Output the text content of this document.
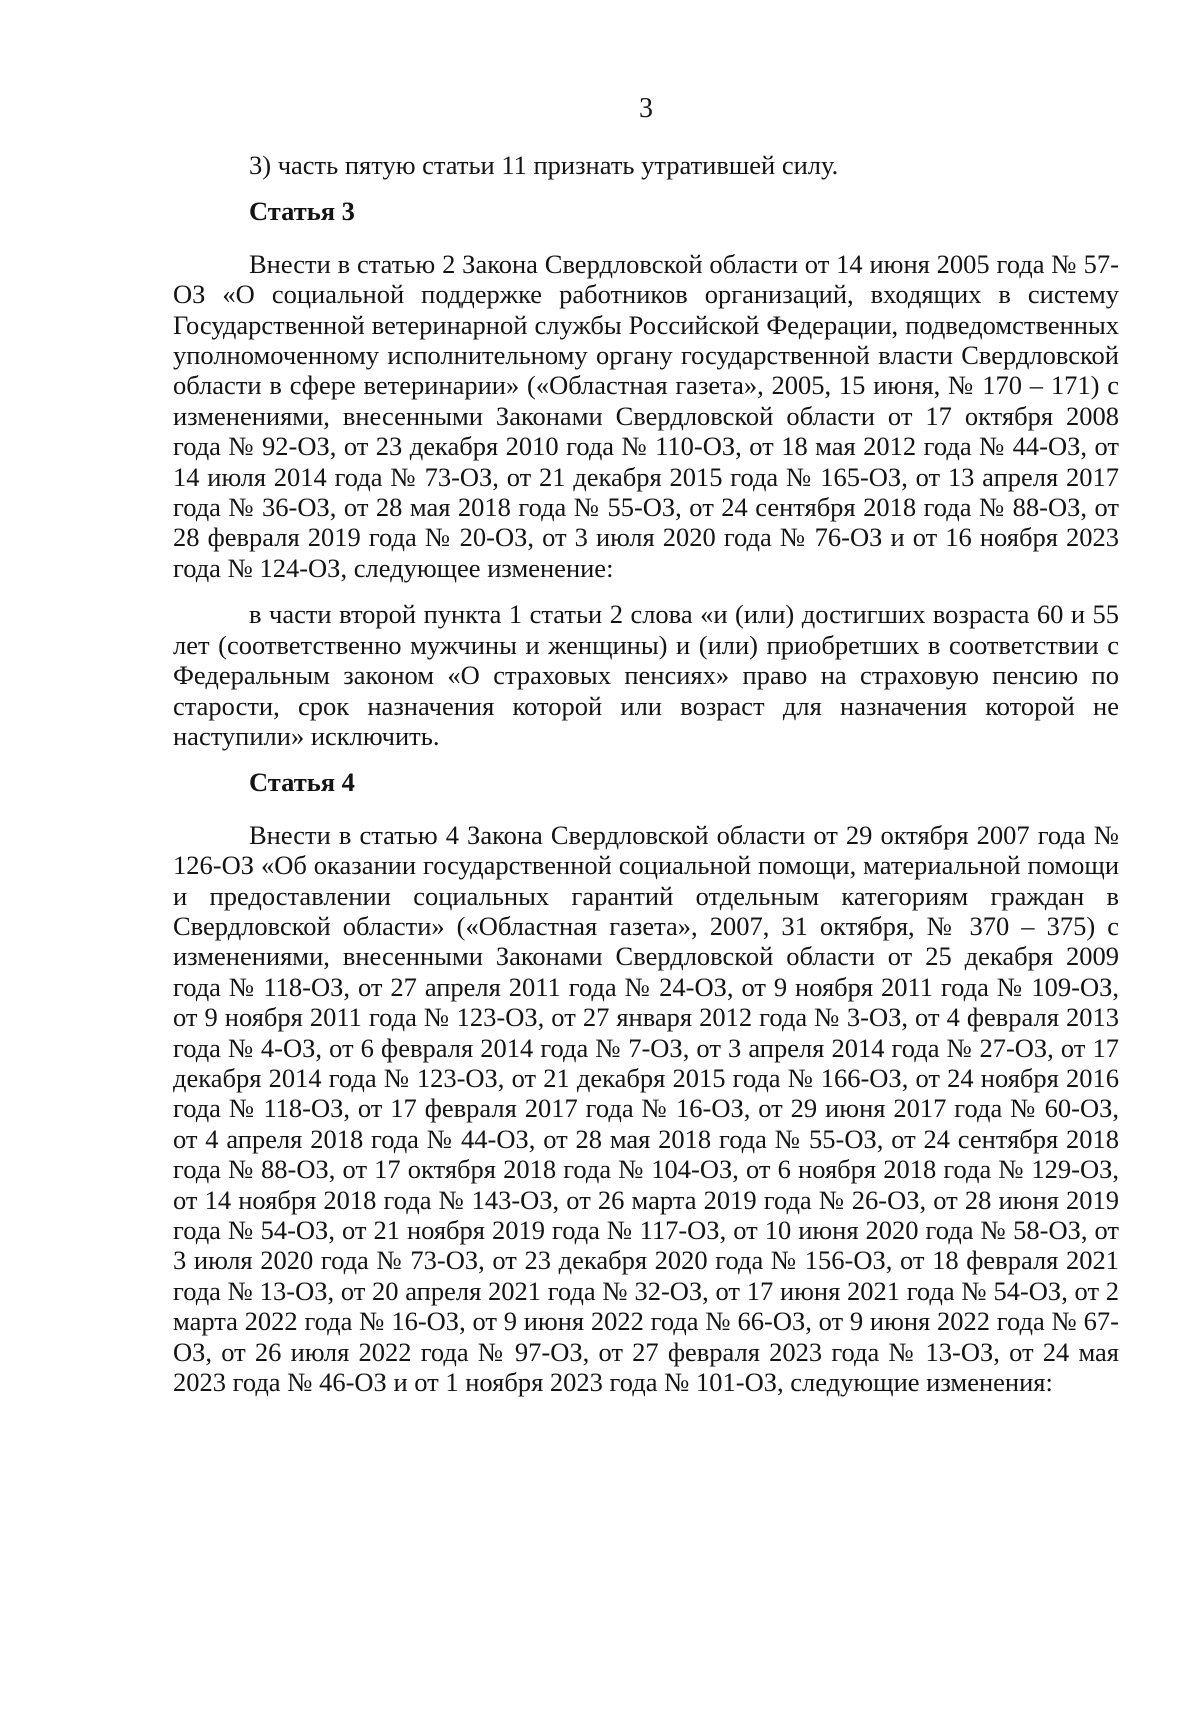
3

3) часть пятую статьи 11 признать утратившей силу.

Статья 3

Внести в статью 2 Закона Свердловской области от 14 июня 2005 года № 57-ОЗ «О социальной поддержке работников организаций, входящих в систему Государственной ветеринарной службы Российской Федерации, подведомственных уполномоченному исполнительному органу государственной власти Свердловской области в сфере ветеринарии» («Областная газета», 2005, 15 июня, № 170 – 171) с изменениями, внесенными Законами Свердловской области от 17 октября 2008 года № 92-ОЗ, от 23 декабря 2010 года № 110-ОЗ, от 18 мая 2012 года № 44-ОЗ, от 14 июля 2014 года № 73-ОЗ, от 21 декабря 2015 года № 165-ОЗ, от 13 апреля 2017 года № 36-ОЗ, от 28 мая 2018 года № 55-ОЗ, от 24 сентября 2018 года № 88-ОЗ, от 28 февраля 2019 года № 20-ОЗ, от 3 июля 2020 года № 76-ОЗ и от 16 ноября 2023 года № 124-ОЗ, следующее изменение:

в части второй пункта 1 статьи 2 слова «и (или) достигших возраста 60 и 55 лет (соответственно мужчины и женщины) и (или) приобретших в соответствии с Федеральным законом «О страховых пенсиях» право на страховую пенсию по старости, срок назначения которой или возраст для назначения которой не наступили» исключить.

Статья 4

Внести в статью 4 Закона Свердловской области от 29 октября 2007 года № 126-ОЗ «Об оказании государственной социальной помощи, материальной помощи и предоставлении социальных гарантий отдельным категориям граждан в Свердловской области» («Областная газета», 2007, 31 октября, № 370 – 375) с изменениями, внесенными Законами Свердловской области от 25 декабря 2009 года № 118-ОЗ, от 27 апреля 2011 года № 24-ОЗ, от 9 ноября 2011 года № 109-ОЗ, от 9 ноября 2011 года № 123-ОЗ, от 27 января 2012 года № 3-ОЗ, от 4 февраля 2013 года № 4-ОЗ, от 6 февраля 2014 года № 7-ОЗ, от 3 апреля 2014 года № 27-ОЗ, от 17 декабря 2014 года № 123-ОЗ, от 21 декабря 2015 года № 166-ОЗ, от 24 ноября 2016 года № 118-ОЗ, от 17 февраля 2017 года № 16-ОЗ, от 29 июня 2017 года № 60-ОЗ, от 4 апреля 2018 года № 44-ОЗ, от 28 мая 2018 года № 55-ОЗ, от 24 сентября 2018 года № 88-ОЗ, от 17 октября 2018 года № 104-ОЗ, от 6 ноября 2018 года № 129-ОЗ, от 14 ноября 2018 года № 143-ОЗ, от 26 марта 2019 года № 26-ОЗ, от 28 июня 2019 года № 54-ОЗ, от 21 ноября 2019 года № 117-ОЗ, от 10 июня 2020 года № 58-ОЗ, от 3 июля 2020 года № 73-ОЗ, от 23 декабря 2020 года № 156-ОЗ, от 18 февраля 2021 года № 13-ОЗ, от 20 апреля 2021 года № 32-ОЗ, от 17 июня 2021 года № 54-ОЗ, от 2 марта 2022 года № 16-ОЗ, от 9 июня 2022 года № 66-ОЗ, от 9 июня 2022 года № 67-ОЗ, от 26 июля 2022 года № 97-ОЗ, от 27 февраля 2023 года № 13-ОЗ, от 24 мая 2023 года № 46-ОЗ и от 1 ноября 2023 года № 101-ОЗ, следующие изменения:
